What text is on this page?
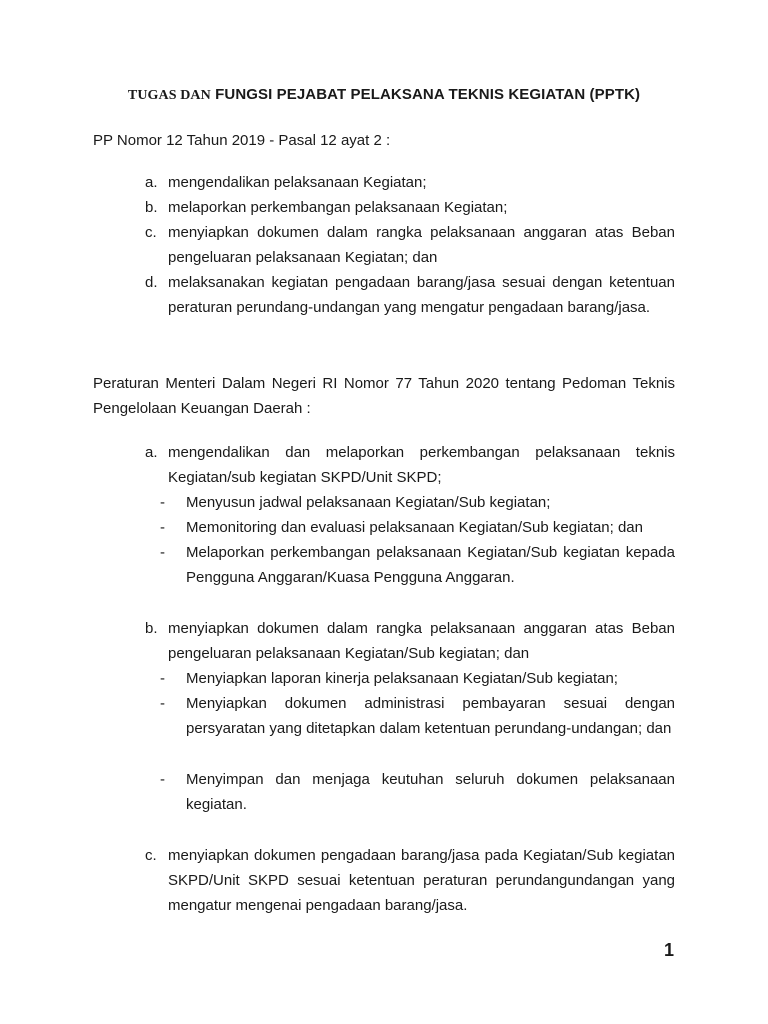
TUGAS DAN FUNGSI PEJABAT PELAKSANA TEKNIS KEGIATAN (PPTK)
PP Nomor 12 Tahun 2019 - Pasal 12 ayat 2 :
a. mengendalikan pelaksanaan Kegiatan;
b. melaporkan perkembangan pelaksanaan Kegiatan;
c. menyiapkan dokumen dalam rangka pelaksanaan anggaran atas Beban pengeluaran pelaksanaan Kegiatan; dan
d. melaksanakan kegiatan pengadaan barang/jasa sesuai dengan ketentuan peraturan perundang-undangan yang mengatur pengadaan barang/jasa.
Peraturan Menteri Dalam Negeri RI Nomor 77 Tahun 2020 tentang Pedoman Teknis Pengelolaan Keuangan Daerah :
a. mengendalikan dan melaporkan perkembangan pelaksanaan teknis Kegiatan/sub kegiatan SKPD/Unit SKPD;
- Menyusun jadwal pelaksanaan Kegiatan/Sub kegiatan;
- Memonitoring dan evaluasi pelaksanaan Kegiatan/Sub kegiatan; dan
- Melaporkan perkembangan pelaksanaan Kegiatan/Sub kegiatan kepada Pengguna Anggaran/Kuasa Pengguna Anggaran.
b. menyiapkan dokumen dalam rangka pelaksanaan anggaran atas Beban pengeluaran pelaksanaan Kegiatan/Sub kegiatan; dan
- Menyiapkan laporan kinerja pelaksanaan Kegiatan/Sub kegiatan;
- Menyiapkan dokumen administrasi pembayaran sesuai dengan persyaratan yang ditetapkan dalam ketentuan perundang-undangan; dan
- Menyimpan dan menjaga keutuhan seluruh dokumen pelaksanaan kegiatan.
c. menyiapkan dokumen pengadaan barang/jasa pada Kegiatan/Sub kegiatan SKPD/Unit SKPD sesuai ketentuan peraturan perundangundangan yang mengatur mengenai pengadaan barang/jasa.
1
